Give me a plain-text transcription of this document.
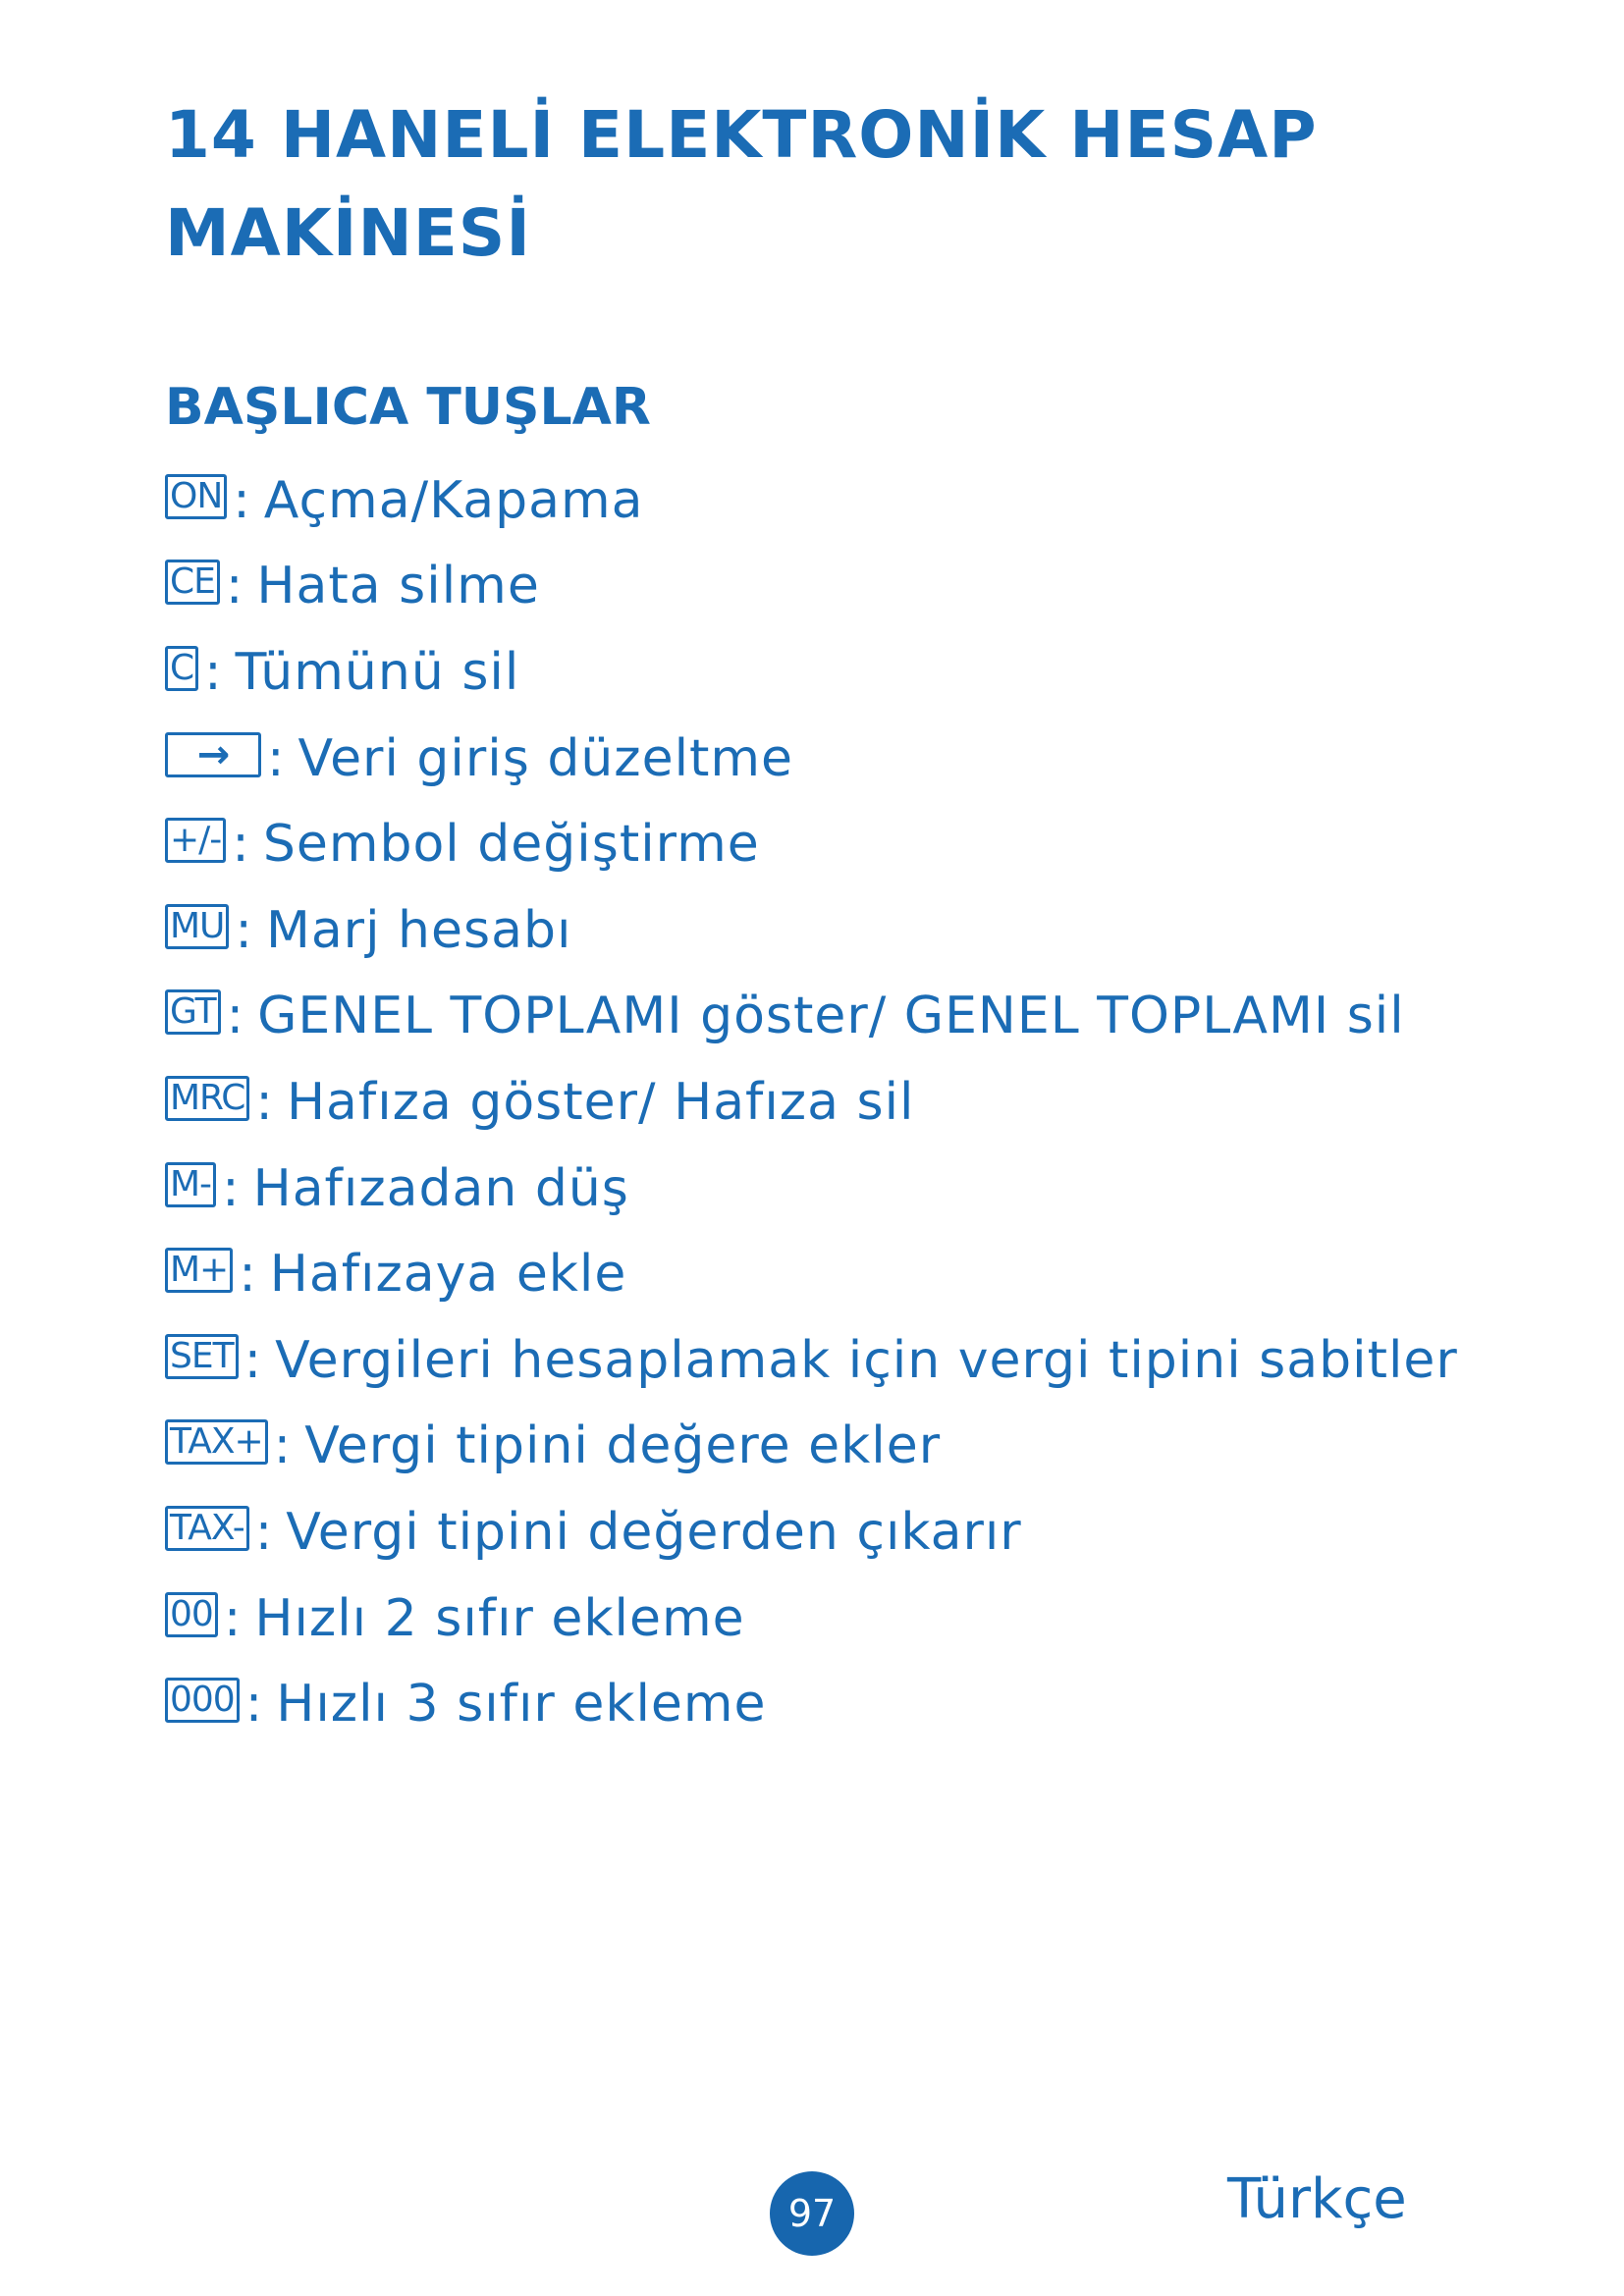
14 HANELİ ELEKTRONİK HESAP MAKİNESİ
BAŞLICA TUŞLAR
ON : Açma/Kapama
CE : Hata silme
C : Tümünü sil
→ : Veri giriş düzeltme
+/- : Sembol değiştirme
MU : Marj hesabı
GT : GENEL TOPLAMI göster/ GENEL TOPLAMI sil
MRC : Hafıza göster/ Hafıza sil
M- : Hafızadan düş
M+ : Hafızaya ekle
SET : Vergileri hesaplamak için vergi tipini sabitler
TAX+ : Vergi tipini değere ekler
TAX- : Vergi tipini değerden çıkarır
00 : Hızlı 2 sıfır ekleme
000 : Hızlı 3 sıfır ekleme
97	Türkçe
